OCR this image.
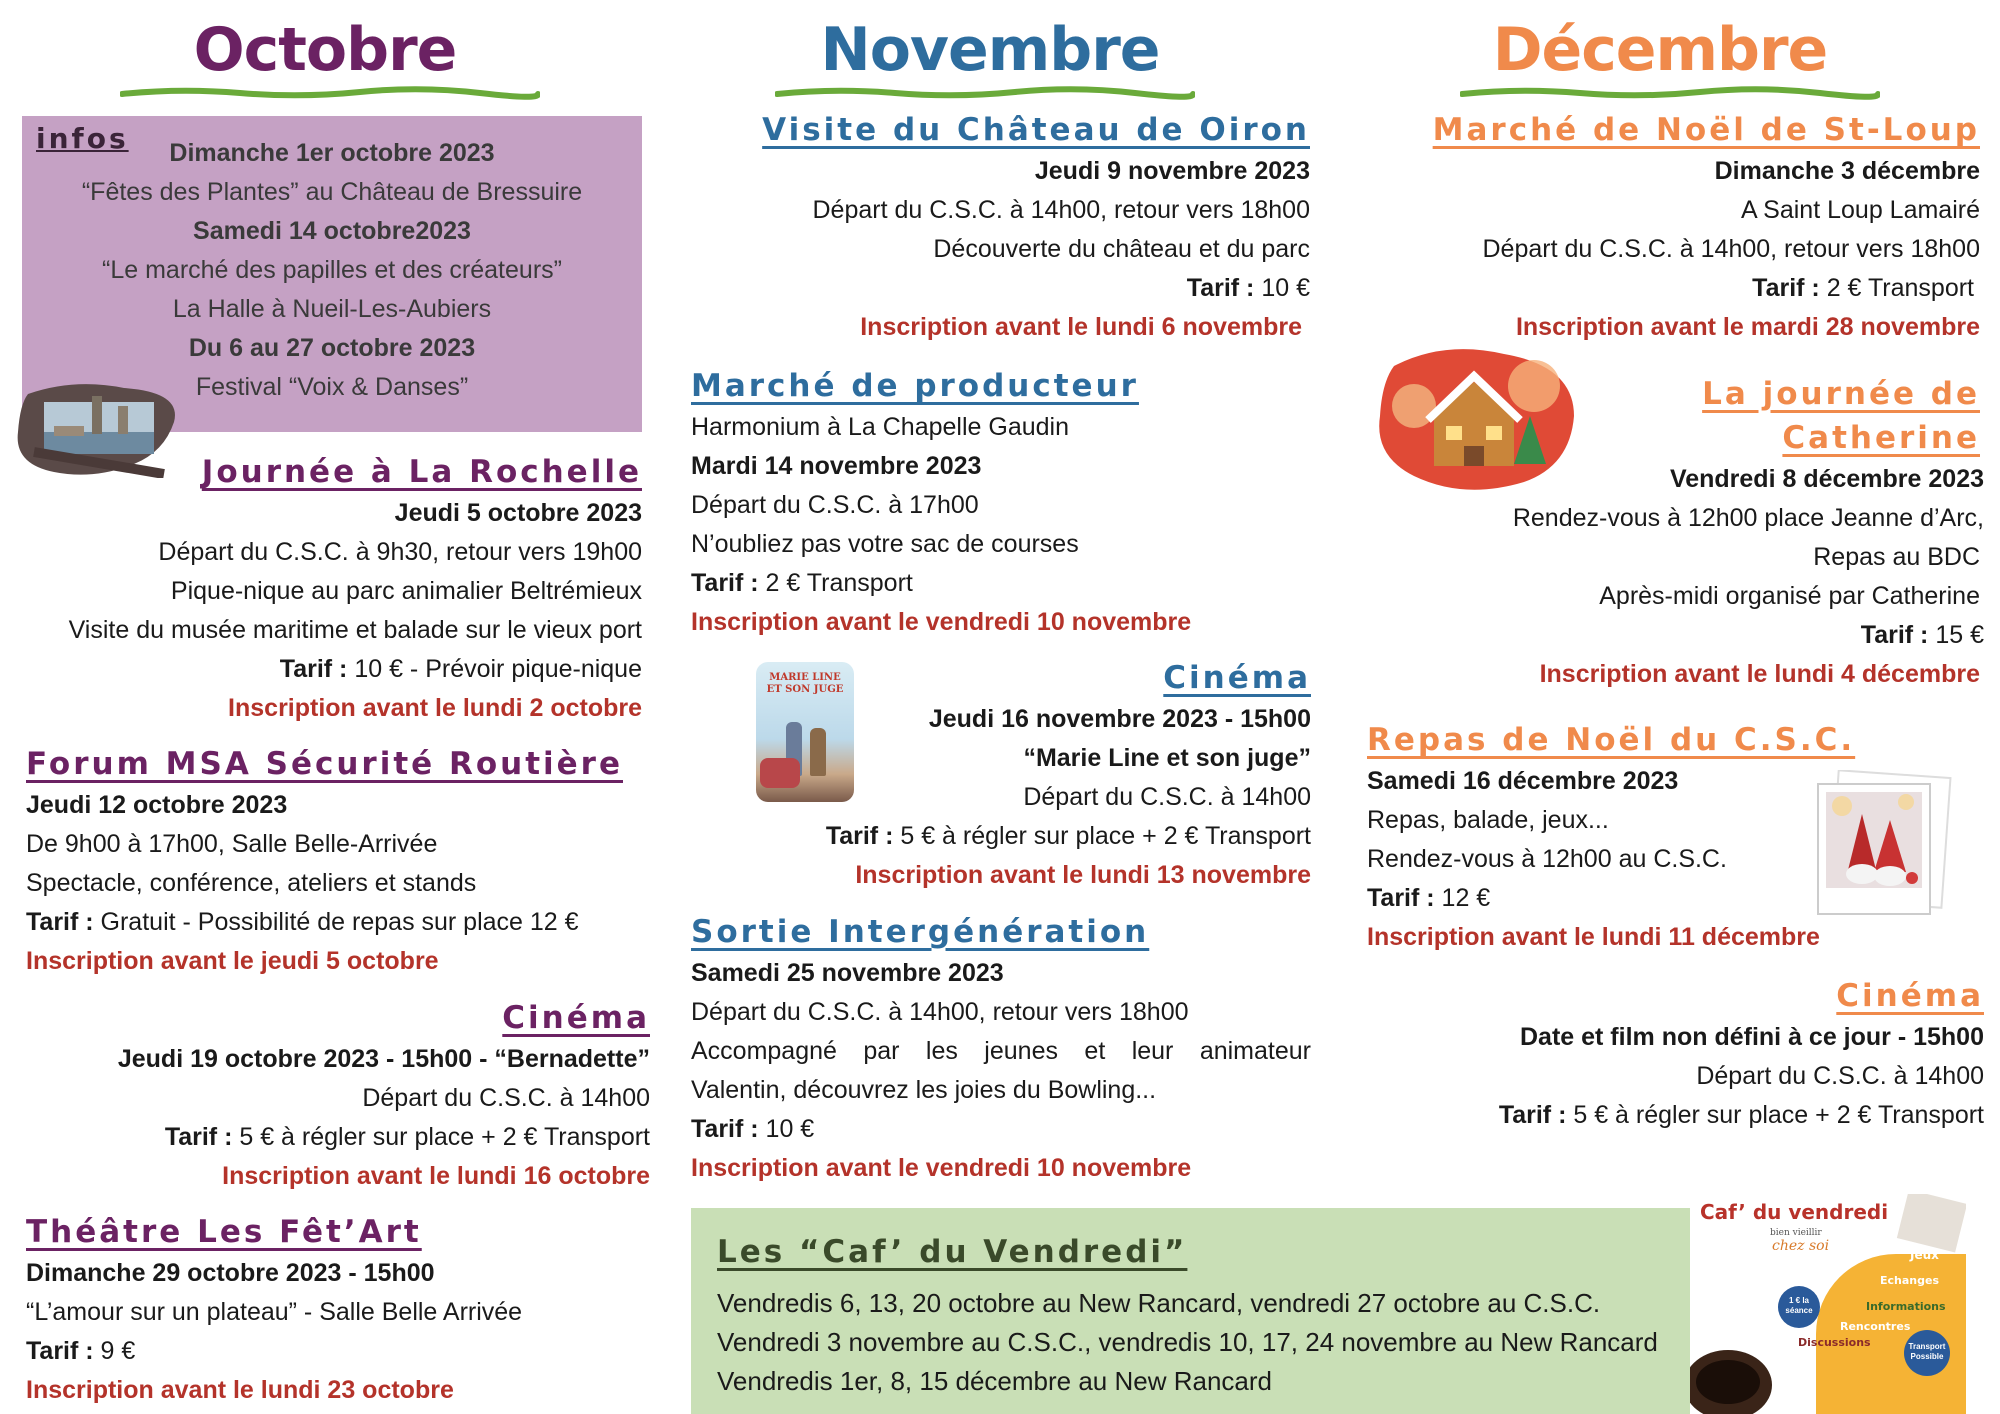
Octobre
infos	Dimanche 1er octobre 2023

“Fêtes des Plantes” au Château de Bressuire

Samedi 14 octobre2023

“Le marché des papilles et des créateurs”

La Halle à Nueil-Les-Aubiers

Du 6 au 27 octobre 2023

Festival “Voix & Danses”

Journée à La Rochelle

Jeudi 5 octobre 2023

Départ du C.S.C. à 9h30, retour vers 19h00

Pique-nique au parc animalier Beltrémieux

Visite du musée maritime et balade sur le vieux port

Tarif : 10 € - Prévoir pique-nique

Inscription avant le lundi 2 octobre

Forum MSA Sécurité Routière

Jeudi 12 octobre 2023

De 9h00 à 17h00, Salle Belle-Arrivée

Spectacle, conférence, ateliers et stands

Tarif : Gratuit - Possibilité de repas sur place 12 €

Inscription avant le jeudi 5 octobre

Cinéma

Jeudi 19 octobre 2023 - 15h00 - “Bernadette”

Départ du C.S.C. à 14h00

Tarif : 5 € à régler sur place + 2 € Transport

Inscription avant le lundi 16 octobre

Théâtre Les Fêt’Art

Dimanche 29 octobre 2023 - 15h00

“L’amour sur un plateau” - Salle Belle Arrivée

Tarif : 9 €

Inscription avant le lundi 23 octobre

Novembre

Visite du Château de Oiron

Jeudi 9 novembre 2023

Départ du C.S.C. à 14h00, retour vers 18h00

Découverte du château et du parc

Tarif : 10 €

Inscription avant le lundi 6 novembre

Marché de producteur

Harmonium à La Chapelle Gaudin

Mardi 14 novembre 2023

Départ du C.S.C. à 17h00

N’oubliez pas votre sac de courses

Tarif : 2 € Transport

Inscription avant le vendredi 10 novembre

MARIE LINE ET SON JUGE	Cinéma

Jeudi 16 novembre 2023 - 15h00

“Marie Line et son juge”

Départ du C.S.C. à 14h00

Tarif : 5 € à régler sur place + 2 € Transport

Inscription avant le lundi 13 novembre

Sortie Intergénération

Samedi 25 novembre 2023

Départ du C.S.C. à 14h00, retour vers 18h00

Accompagné par les jeunes et leur animateur

Valentin, découvrez les joies du Bowling...

Tarif : 10 €

Inscription avant le vendredi 10 novembre

Décembre

Marché de Noël de St-Loup

Dimanche 3 décembre

A Saint Loup Lamairé

Départ du C.S.C. à 14h00, retour vers 18h00

Tarif : 2 € Transport

Inscription avant le mardi 28 novembre

La journée de

Catherine

Vendredi 8 décembre 2023

Rendez-vous à 12h00 place Jeanne d’Arc,

Repas au BDC

Après-midi organisé par Catherine

Tarif : 15 €

Inscription avant le lundi 4 décembre

Repas de Noël du C.S.C.

Samedi 16 décembre 2023

Repas, balade, jeux...

Rendez-vous à 12h00 au C.S.C.

Tarif : 12 €

Inscription avant le lundi 11 décembre

Cinéma

Date et film non défini à ce jour - 15h00

Départ du C.S.C. à 14h00

Tarif : 5 € à régler sur place + 2 € Transport

Les “Caf’ du Vendredi”

Vendredis 6, 13, 20 octobre au New Rancard, vendredi 27 octobre au C.S.C.

Vendredi 3 novembre au C.S.C., vendredis 10, 17, 24 novembre au New Rancard

Vendredis 1er, 8, 15 décembre au New Rancard

Caf’ du vendredi
bien vieillir
chez soi
Jeux
Echanges
Informations
Rencontres
Discussions
1 € la séance
Transport Possible
